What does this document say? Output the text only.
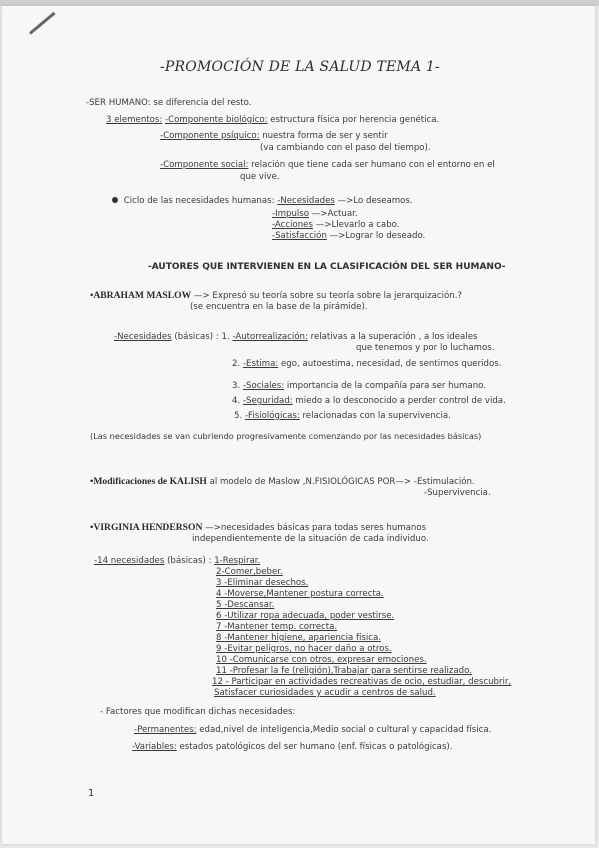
-PROMOCIÓN DE LA SALUD TEMA 1-
-SER HUMANO: se diferencia del resto.
3 elementos: -Componente biológico: estructura física por herencia genética.
-Componente psíquico: nuestra forma de ser y sentir
(va cambiando con el paso del tiempo).
-Componente social: relación que tiene cada ser humano con el entorno en el
que vive.
Ciclo de las necesidades humanas: -Necesidades —>Lo deseamos.
-Impulso —>Actuar.
-Acciones —>Llevarlo a cabo.
-Satisfacción —>Lograr lo deseado.
-AUTORES QUE INTERVIENEN EN LA CLASIFICACIÓN DEL SER HUMANO-
•ABRAHAM MASLOW —> Expresó su teoría sobre su teoría sobre la jerarquización.?
(se encuentra en la base de la pirámide).
-Necesidades (básicas) : 1. -Autorrealización: relativas a la superación , a los ideales
que tenemos y por lo luchamos.
2. -Estima: ego, autoestima, necesidad, de sentirnos queridos.
3. -Sociales: importancia de la compañía para ser humano.
4. -Seguridad: miedo a lo desconocido a perder control de vida.
5. -Fisiológicas: relacionadas con la supervivencia.
(Las necesidades se van cubriendo progresivamente comenzando por las necesidades básicas)
•Modificaciones de KALISH al modelo de Maslow ,N.FISIOLÓGICAS POR—> -Estimulación.
-Supervivencia.
•VIRGINIA HENDERSON —>necesidades básicas para todas seres humanos
independientemente de la situación de cada individuo.
-14 necesidades (básicas) : 1-Respirar.
2-Comer,beber.
3 -Eliminar desechos.
4 -Moverse,Mantener postura correcta.
5 -Descansar.
6 -Utilizar ropa adecuada, poder vestirse.
7 -Mantener temp. correcta.
8 -Mantener higiene, apariencia física.
9 -Evitar peligros, no hacer daño a otros.
10 -Comunicarse con otros, expresar emociones.
11 -Profesar la fe (religión),Trabajar para sentirse realizado.
12 - Participar en actividades recreativas de ocio, estudiar, descubrir,
Satisfacer curiosidades y acudir a centros de salud.
- Factores que modifican dichas necesidades:
-Permanentes: edad,nivel de inteligencia,Medio social o cultural y capacidad física.
-Variables: estados patológicos del ser humano (enf. físicas o patológicas).
1
